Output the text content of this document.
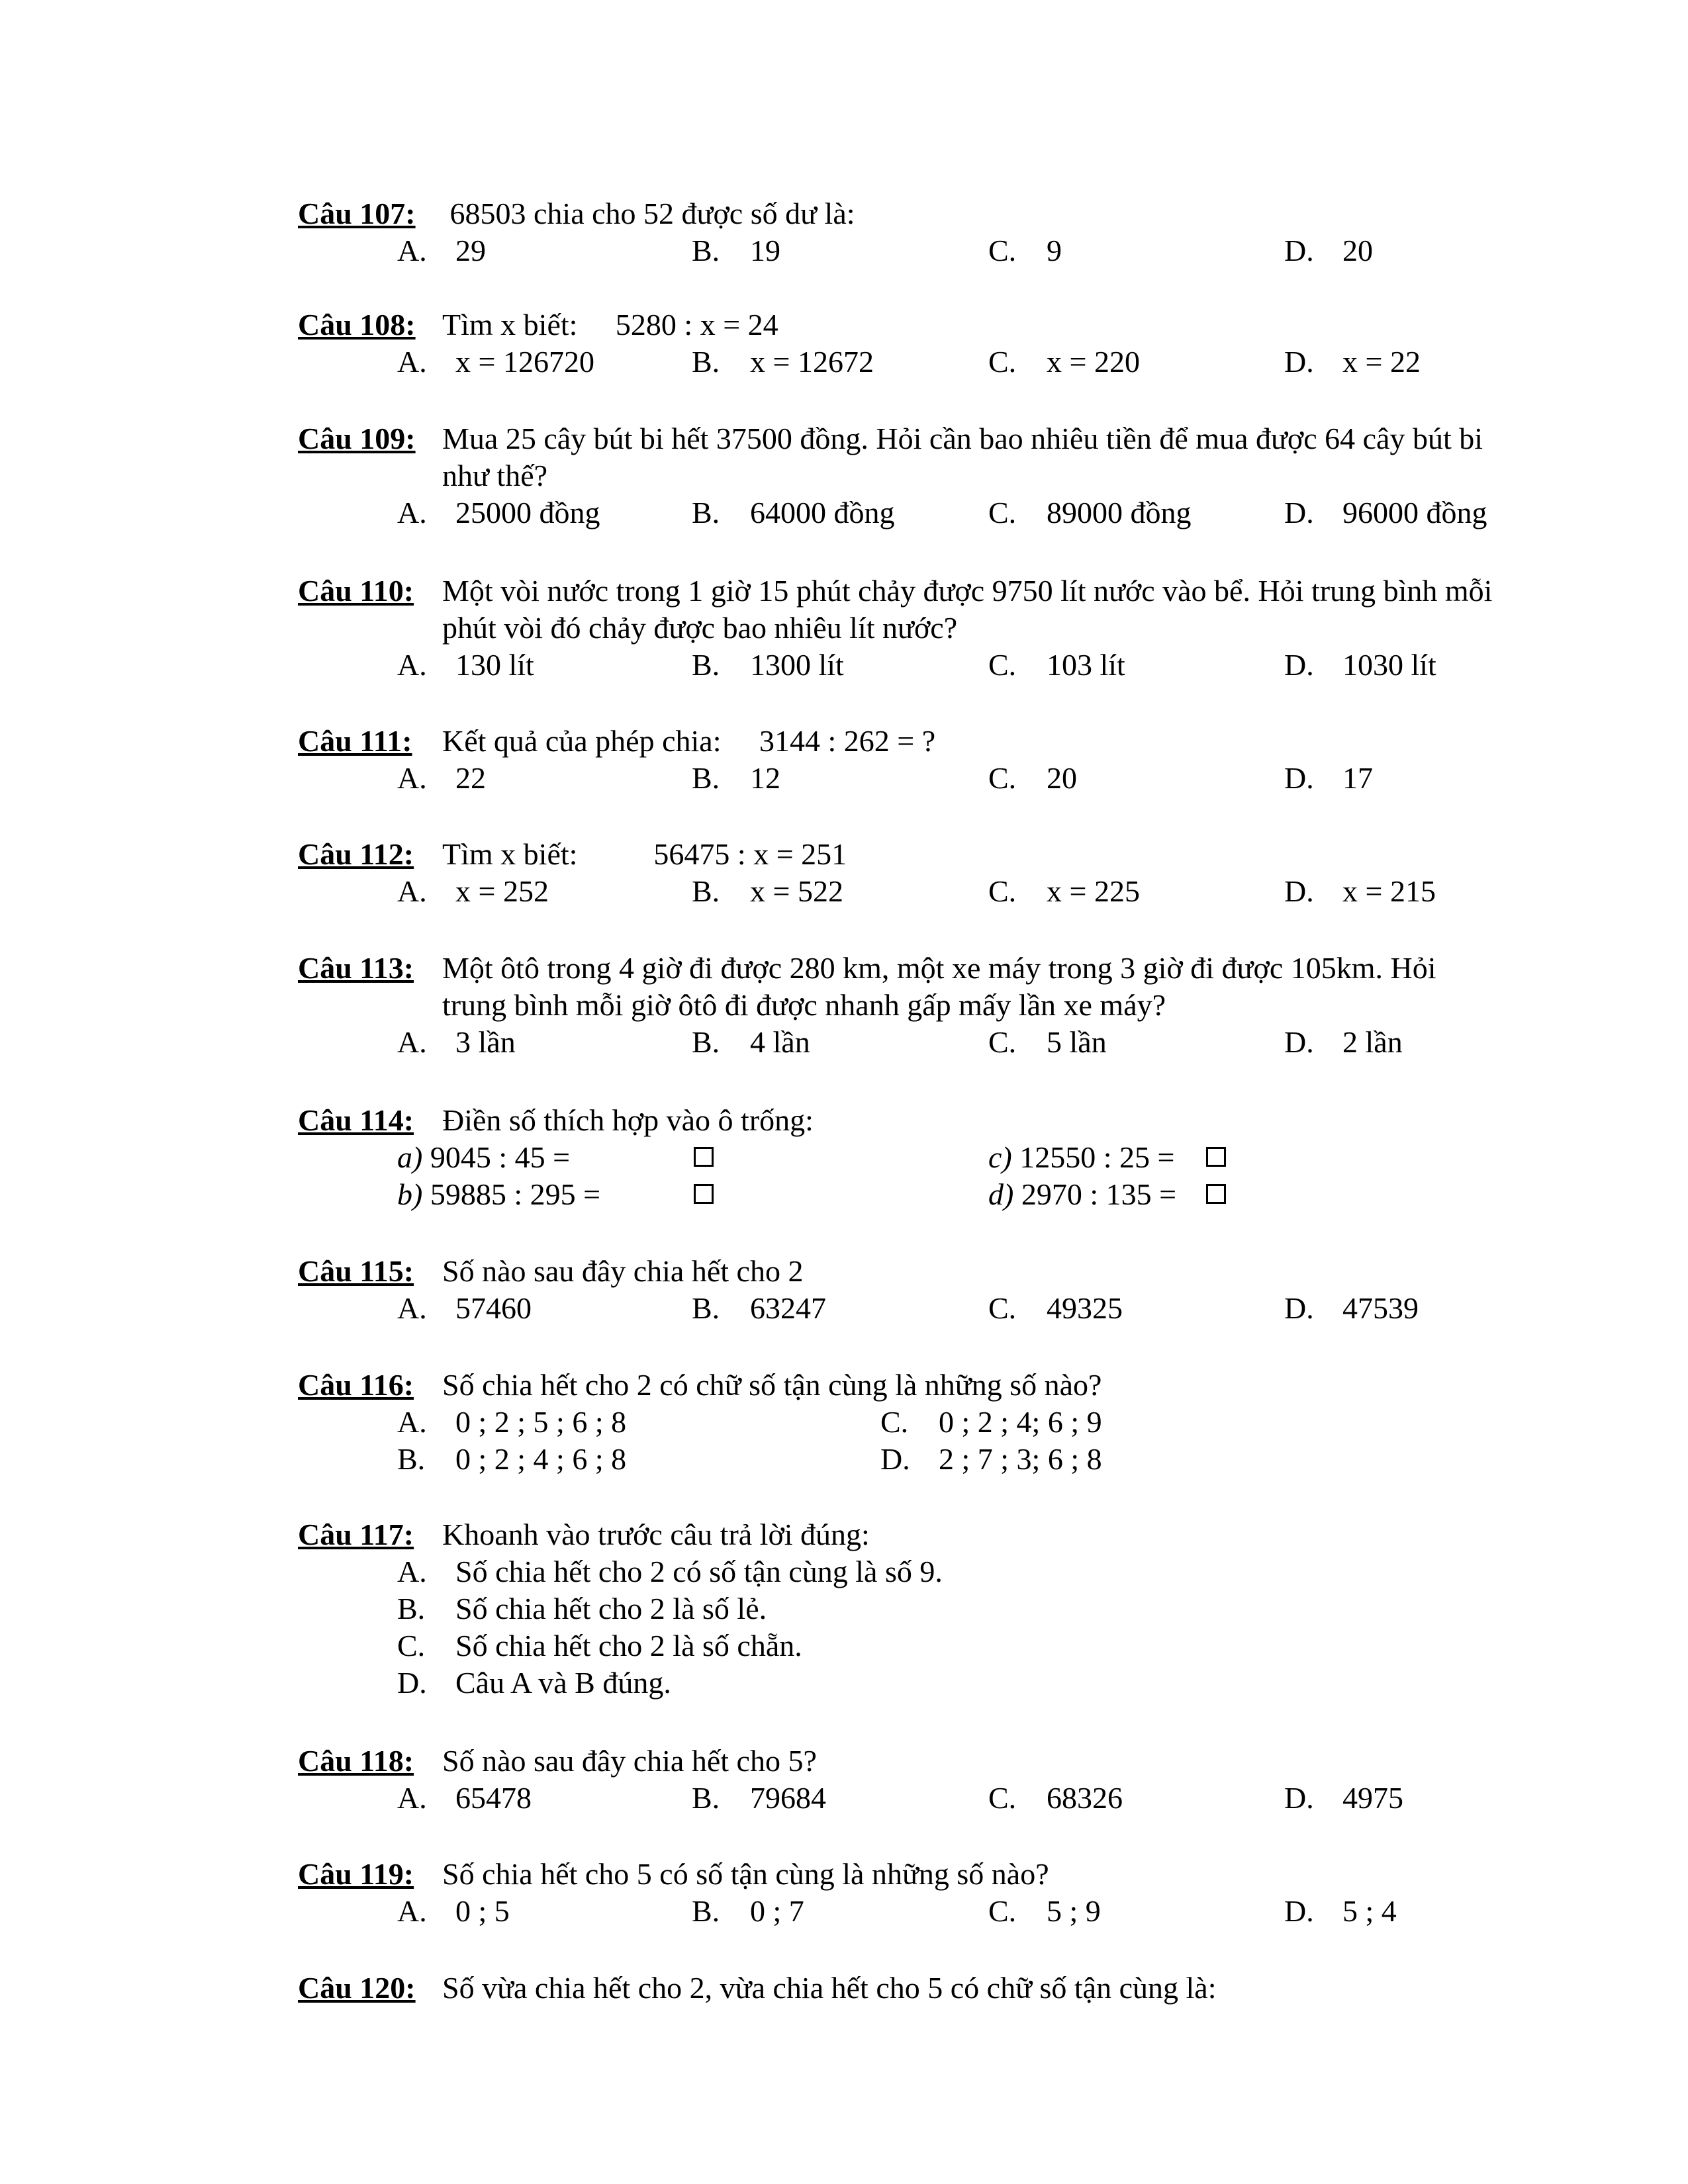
Câu 107: 68503 chia cho 52 được số dư là:
A. 29	B. 19	C. 9	D. 20
Câu 108: Tìm x biết:     5280 : x = 24
A. x = 126720	B. x = 12672	C. x = 220	D. x = 22
Câu 109: Mua 25 cây bút bi hết 37500 đồng. Hỏi cần bao nhiêu tiền để mua được 64 cây bút bi
như thế?
A. 25000 đồng	B. 64000 đồng	C. 89000 đồng	D. 96000 đồng
Câu 110: Một vòi nước trong 1 giờ 15 phút chảy được 9750 lít nước vào bể. Hỏi trung bình mỗi
phút vòi đó chảy được bao nhiêu lít nước?
A. 130 lít	B. 1300 lít	C. 103 lít	D. 1030 lít
Câu 111: Kết quả của phép chia:     3144 : 262 = ?
A. 22	B. 12	C. 20	D. 17
Câu 112: Tìm x biết:          56475 : x = 251
A. x = 252	B. x = 522	C. x = 225	D. x = 215
Câu 113: Một ôtô trong 4 giờ đi được 280 km, một xe máy trong 3 giờ đi được 105km. Hỏi
trung bình mỗi giờ ôtô đi được nhanh gấp mấy lần xe máy?
A. 3 lần	B. 4 lần	C. 5 lần	D. 2 lần
Câu 114: Điền số thích hợp vào ô trống:
a) 9045 : 45 =	c) 12550 : 25 =
b) 59885 : 295 =	d) 2970 : 135 =
Câu 115: Số nào sau đây chia hết cho 2
A. 57460	B. 63247	C. 49325	D. 47539
Câu 116: Số chia hết cho 2 có chữ số tận cùng là những số nào?
A. 0 ; 2 ; 5 ; 6 ; 8	C. 0 ; 2 ; 4; 6 ; 9
B. 0 ; 2 ; 4 ; 6 ; 8	D. 2 ; 7 ; 3; 6 ; 8
Câu 117: Khoanh vào trước câu trả lời đúng:
A. Số chia hết cho 2 có số tận cùng là số 9.
B. Số chia hết cho 2 là số lẻ.
C. Số chia hết cho 2 là số chẵn.
D. Câu A và B đúng.
Câu 118: Số nào sau đây chia hết cho 5?
A. 65478	B. 79684	C. 68326	D. 4975
Câu 119: Số chia hết cho 5 có số tận cùng là những số nào?
A. 0 ; 5	B. 0 ; 7	C. 5 ; 9	D. 5 ; 4
Câu 120: Số vừa chia hết cho 2, vừa chia hết cho 5 có chữ số tận cùng là:
